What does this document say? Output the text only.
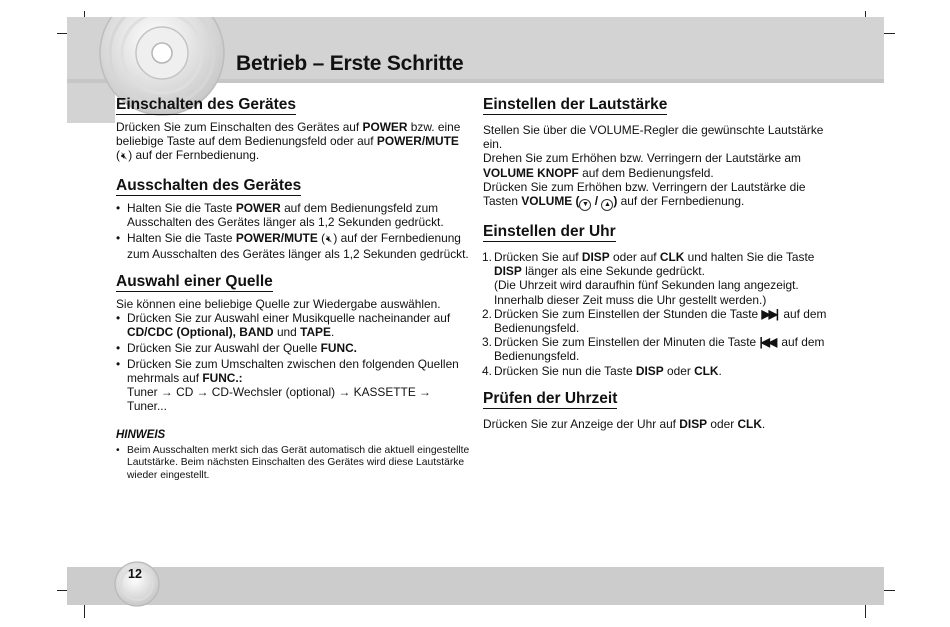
Betrieb – Erste Schritte
Einschalten des Gerätes

Drücken Sie zum Einschalten des Gerätes auf POWER bzw. eine beliebige Taste auf dem Bedienungsfeld oder auf POWER/MUTE
(🔇︎) auf der Fernbedienung.

Ausschalten des Gerätes
• Halten Sie die Taste POWER auf dem Bedienungsfeld zum Ausschalten des Gerätes länger als 1,2 Sekunden gedrückt.
• Halten Sie die Taste POWER/MUTE (🔇︎) auf der Fernbedienung zum Ausschalten des Gerätes länger als 1,2 Sekunden gedrückt.
Auswahl einer Quelle

Sie können eine beliebige Quelle zur Wiedergabe auswählen.

• Drücken Sie zur Auswahl einer Musikquelle nacheinander auf CD/CDC (Optional), BAND und TAPE.
• Drücken Sie zur Auswahl der Quelle FUNC.
• Drücken Sie zum Umschalten zwischen den folgenden Quellen mehrmals auf FUNC.:
Tuner → CD → CD-Wechsler (optional) → KASSETTE →
Tuner...
HINWEIS
• Beim Ausschalten merkt sich das Gerät automatisch die aktuell eingestellte Lautstärke. Beim nächsten Einschalten des Gerätes wird diese Lautstärke wieder eingestellt.
Einstellen der Lautstärke

Stellen Sie über die VOLUME-Regler die gewünschte Lautstärke ein.

Drehen Sie zum Erhöhen bzw. Verringern der Lautstärke am VOLUME KNOPF auf dem Bedienungsfeld.

Drücken Sie zum Erhöhen bzw. Verringern der Lautstärke die Tasten VOLUME ( ▼ / ▲ ) auf der Fernbedienung.

Einstellen der Uhr
1. Drücken Sie auf DISP oder auf CLK und halten Sie die Taste DISP länger als eine Sekunde gedrückt.
(Die Uhrzeit wird daraufhin fünf Sekunden lang angezeigt. Innerhalb dieser Zeit muss die Uhr gestellt werden.)
2. Drücken Sie zum Einstellen der Stunden die Taste ▶▶| auf dem Bedienungsfeld.
3. Drücken Sie zum Einstellen der Minuten die Taste |◀◀ auf dem Bedienungsfeld.
4. Drücken Sie nun die Taste DISP oder CLK.
Prüfen der Uhrzeit

Drücken Sie zur Anzeige der Uhr auf DISP oder CLK.

12
